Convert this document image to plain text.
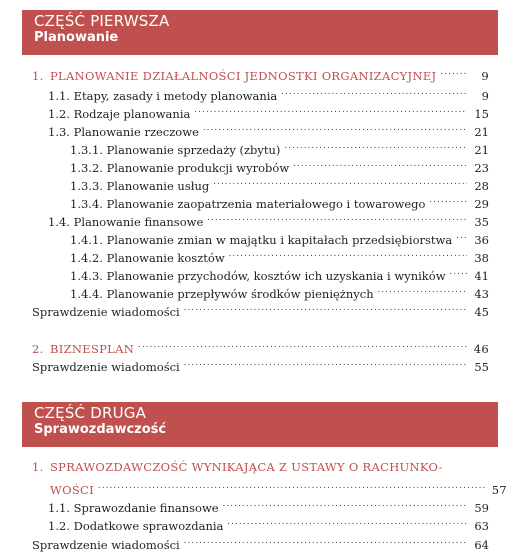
CZĘŚĆ PIERWSZA
Planowanie
1. PLANOWANIE DZIAŁALNOŚCI JEDNOSTKI ORGANIZACYJNEJ . . .	9
1.1. Etapy, zasady i metody planowania . . .	9
1.2. Rodzaje planowania . . .	15
1.3. Planowanie rzeczowe . . .	21
1.3.1. Planowanie sprzedaży (zbytu) . . .	21
1.3.2. Planowanie produkcji wyrobów . . .	23
1.3.3. Planowanie usług . . .	28
1.3.4. Planowanie zaopatrzenia materiałowego i towarowego . . .	29
1.4. Planowanie finansowe . . .	35
1.4.1. Planowanie zmian w majątku i kapitałach przedsiębiorstwa . . . 36
1.4.2. Planowanie kosztów . . .	38
1.4.3. Planowanie przychodów, kosztów ich uzyskania i wyników . . .	41
1.4.4. Planowanie przepływów środków pieniężnych . . .	43
Sprawdzenie wiadomości . . .	45
2. BIZNESPLAN . . .	46
Sprawdzenie wiadomości . . .	55
CZĘŚĆ DRUGA
Sprawozdawczość
1. SPRAWOZDAWCZOŚĆ WYNIKAJĄCA Z USTAWY O RACHUNKO-
WOŚCI . . .	57
1.1. Sprawozdanie finansowe . . .	59
1.2. Dodatkowe sprawozdania . . .	63
Sprawdzenie wiadomości . . .	64
